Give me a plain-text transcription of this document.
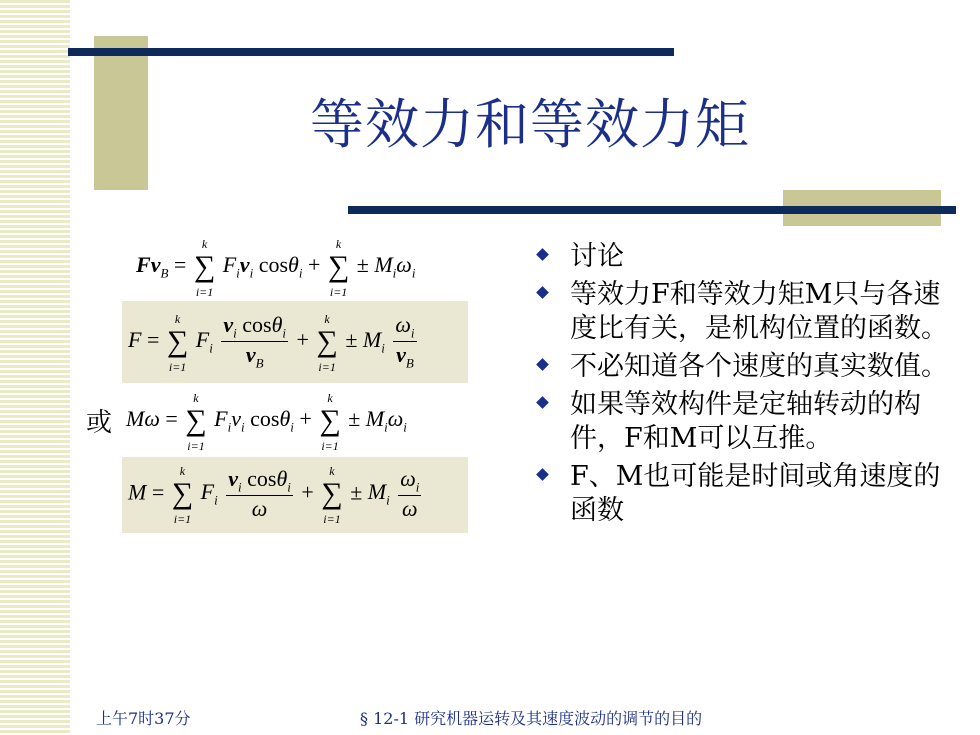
等效力和等效力矩
$Fv_B$ = ∑
k
i=1
$F_iv_i$ cosθ$_i$ + ∑
k
i=1
± $M_i\omega_i$
F = ∑
k
i=1
$F_i \frac{v_i \cos\theta_i}{v_B}$ + ∑
k
i=1
± $M_i \frac{\omega_i}{v_B}$
或 Mω = ∑
k
i=1
$F_iv_i$ cosθ$_i$ + ∑
k
i=1
± $M_i\omega_i$
M = ∑
k
i=1
$F_i \frac{v_i \cos\theta_i}{\omega}$ + ∑
k
i=1
± $M_i \frac{\omega_i}{\omega}$
讨论
等效力F和等效力矩M只与各速度比有关，是机构位置的函数。
不必知道各个速度的真实数值。
如果等效构件是定轴转动的构件，F和M可以互推。
F、M也可能是时间或角速度的函数
上午7时37分	§ 12-1 研究机器运转及其速度波动的调节的目的
